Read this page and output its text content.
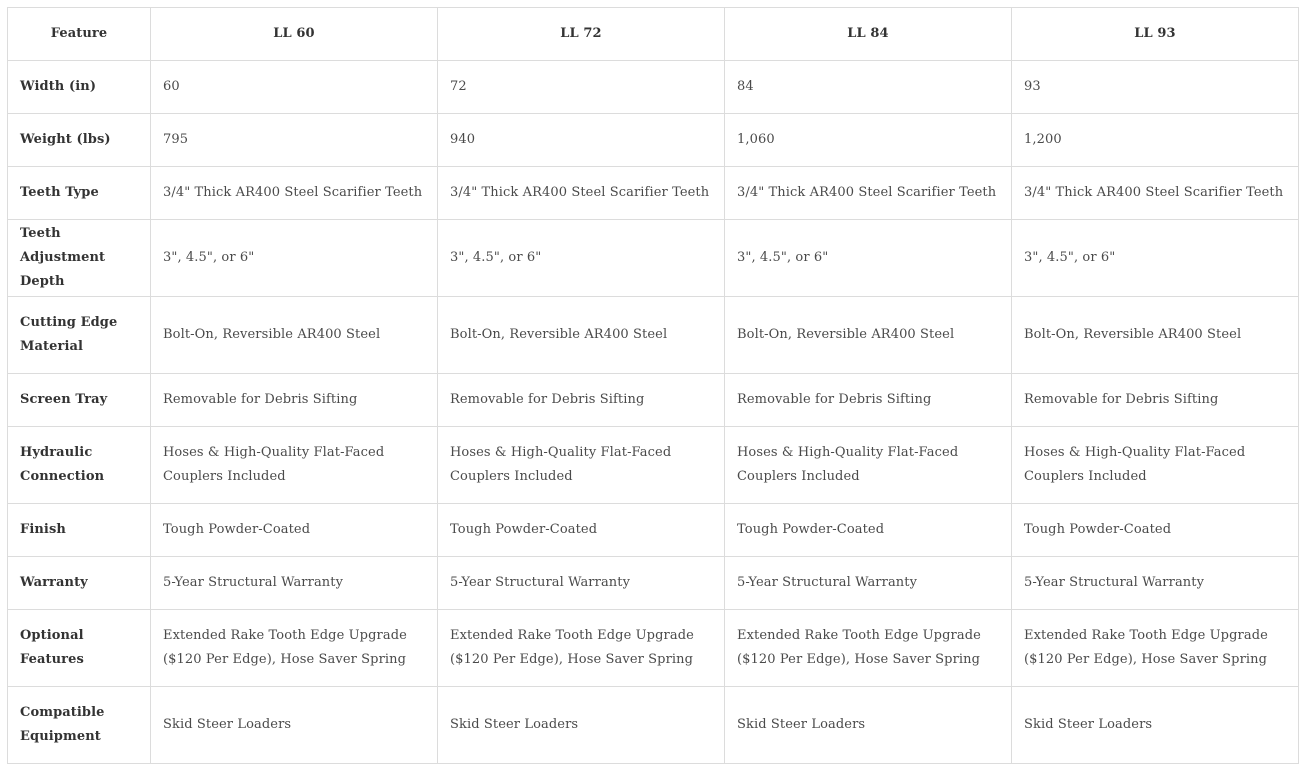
Feature	LL 60	LL 72	LL 84	LL 93
Width (in)	60	72	84	93
Weight (lbs)	795	940	1,060	1,200
Teeth Type	3/4" Thick AR400 Steel Scarifier Teeth	3/4" Thick AR400 Steel Scarifier Teeth	3/4" Thick AR400 Steel Scarifier Teeth	3/4" Thick AR400 Steel Scarifier Teeth
Teeth Adjustment Depth	3", 4.5", or 6"	3", 4.5", or 6"	3", 4.5", or 6"	3", 4.5", or 6"
Cutting Edge Material	Bolt-On, Reversible AR400 Steel	Bolt-On, Reversible AR400 Steel	Bolt-On, Reversible AR400 Steel	Bolt-On, Reversible AR400 Steel
Screen Tray	Removable for Debris Sifting	Removable for Debris Sifting	Removable for Debris Sifting	Removable for Debris Sifting
Hydraulic Connection	Hoses & High-Quality Flat-Faced Couplers Included	Hoses & High-Quality Flat-Faced Couplers Included	Hoses & High-Quality Flat-Faced Couplers Included	Hoses & High-Quality Flat-Faced Couplers Included
Finish	Tough Powder-Coated	Tough Powder-Coated	Tough Powder-Coated	Tough Powder-Coated
Warranty	5-Year Structural Warranty	5-Year Structural Warranty	5-Year Structural Warranty	5-Year Structural Warranty
Optional Features	Extended Rake Tooth Edge Upgrade ($120 Per Edge), Hose Saver Spring	Extended Rake Tooth Edge Upgrade ($120 Per Edge), Hose Saver Spring	Extended Rake Tooth Edge Upgrade ($120 Per Edge), Hose Saver Spring	Extended Rake Tooth Edge Upgrade ($120 Per Edge), Hose Saver Spring
Compatible Equipment	Skid Steer Loaders	Skid Steer Loaders	Skid Steer Loaders	Skid Steer Loaders
